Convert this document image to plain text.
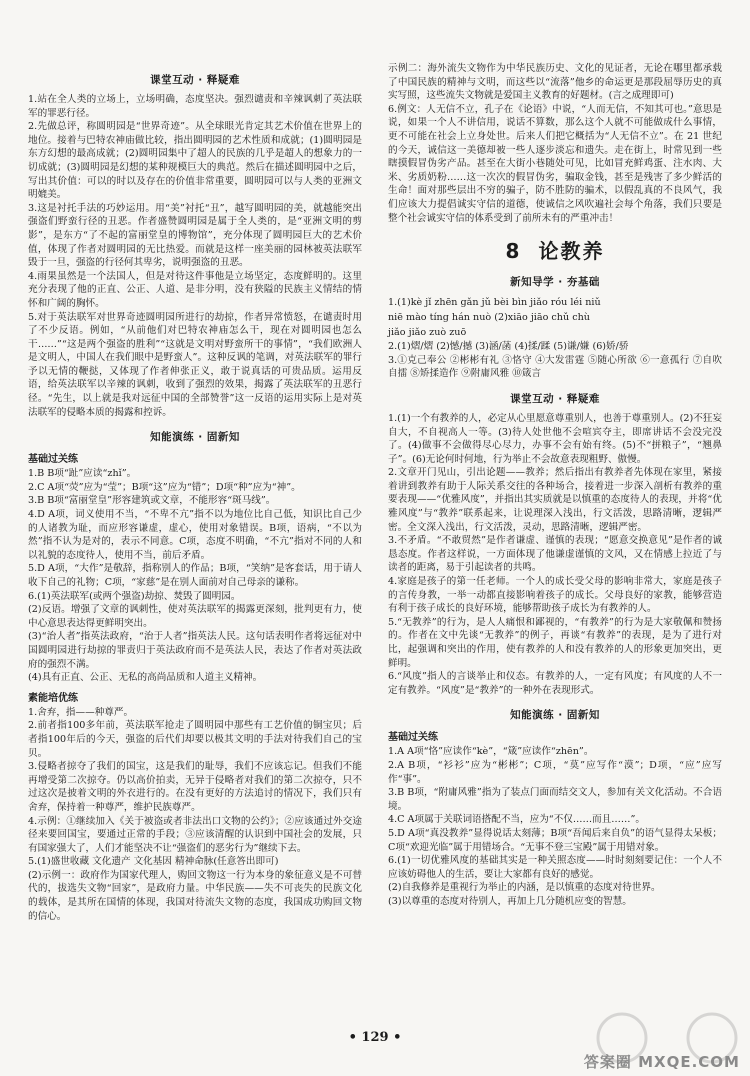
课堂互动 · 释疑难

1.站在全人类的立场上，立场明确，态度坚决。强烈谴责和辛辣讽刺了英法联军的罪恶行径。

2.先做总评，称圆明园是“世界奇迹”。从全球眼光肯定其艺术价值在世界上的地位。接着与巴特农神庙做比较，指出圆明园的艺术性质和成就；(1)圆明园是东方幻想的最高成就；(2)圆明园集中了超人的民族的几乎是超人的想象力的一切成就；(3)圆明园是幻想的某种规模巨大的典范。然后在描述圆明园中之后，写出其价值：可以的时以及存在的价值非常重要，圆明园可以与人类的亚洲文明媲美。

3.这是衬托手法的巧妙运用。用“美”衬托“丑”，越写圆明园的美，就越能突出强盗们野蛮行径的丑恶。作者盛赞圆明园是属于全人类的，是“亚洲文明的剪影”，是东方“了不起的富丽堂皇的博物馆”，充分体现了圆明园巨大的艺术价值，体现了作者对圆明园的无比热爱。而就是这样一座美丽的园林被英法联军毁于一旦，强盗的行径何其卑劣，说明强盗的丑恶。

4.雨果虽然是一个法国人，但是对待这件事他是立场坚定，态度鲜明的。这里充分表现了他的正直、公正、人道、是非分明，没有狭隘的民族主义情结的情怀和广阔的胸怀。

5.对于英法联军对世界奇迹圆明园所进行的劫掠，作者异常愤怒，在谴责时用了不少反语。例如，“从前他们对巴特农神庙怎么干，现在对圆明园也怎么干……”“这是两个强盗的胜利”“这就是文明对野蛮所干的事情”，“我们欧洲人是文明人，中国人在我们眼中是野蛮人”。这种反讽的笔调，对英法联军的罪行予以无情的鞭挞，又体现了作者伸张正义，敢于说真话的可贵品质。运用反语，给英法联军以辛辣的讽刺，收到了强烈的效果，揭露了英法联军的丑恶行径。“先生，以上就是我对远征中国的全部赞誉”这一反语的运用实际上是对英法联军的侵略本质的揭露和控诉。

知能演练 · 固新知
基础过关练

1.B B项“趾”应读“zhǐ”。

2.C A项“荧”应为“莹”；B项“这”应为“错”；D项“种”应为“神”。

3.B B项“富丽堂皇”形容建筑或文章，不能形容“斑马线”。

4.D A项，词义使用不当，“不卑不亢”指不以为地位比自己低，知识比自己少的人诸教为耻，而应形容谦虚，虚心，使用对象错误。B项，语病，“不以为然”指不认为是对的，表示不同意。C项，态度不明确，“不亢”指对不同的人和以礼貌的态度待人，使用不当，前后矛盾。

5.D A项，“大作”是敬辞，指称别人的作品；B项，“笑纳”是客套话，用于请人收下自己的礼物；C项，“家慈”是在别人面前对自己母亲的谦称。

6.(1)英法联军(或两个强盗)劫掠、焚毁了圆明园。

(2)反语。增强了文章的讽刺性，使对英法联军的揭露更深刻，批判更有力，使中心意思表达得更鲜明突出。

(3)“治人者”指英法政府，“治于人者”指英法人民。这句话表明作者将远征对中国圆明园进行劫掠的罪责归于英法政府而不是英法人民，表达了作者对英法政府的强烈不满。

(4)具有正直、公正、无私的高尚品质和人道主义精神。

素能培优练

1.舍弃，指——种尊严。

2.前者指100多年前，英法联军抢走了圆明园中那些有工艺价值的铜宝贝；后者指100年后的今天，强盗的后代们却要以极其文明的手法对待我们自己的宝贝。

3.侵略者掠夺了我们的国宝，这是我们的耻辱，我们不应该忘记。但我们不能再增受第二次掠夺。仍以高价拍卖，无异于侵略者对我们的第二次掠夺，只不过这次是披着文明的外衣进行的。在没有更好的方法追讨的情况下，我们只有舍弃，保持着一种尊严，维护民族尊严。

4.示例：①继续加入《关于被盗或者非法出口文物的公约》；②应该通过外交途径来要回国宝，要通过正常的手段；③应该清醒的认识到中国社会的发展，只有国家强大了，人们才能坚决不让“强盗们的恶劣行为”继续下去。

5.(1)盛世收藏 文化遗产 文化基因 精神命脉(任意答出即可)

(2)示例一：政府作为国家代理人，购回文物这一行为本身的象征意义是不可替代的，拔选失文物“回家”，是政府力量。中华民族——失不可丧失的民族文化的载体，是其所在国情的体现，我国对待流失文物的态度，我国成功购回文物的信心。

示例二：海外流失文物作为中华民族历史、文化的见证者，无论在哪里都承载了中国民族的精神与文明，而这些以“流落”他乡的命运更是那段屈辱历史的真实写照，这些流失文物就是爱国主义教育的好题材。(言之成理即可)

6.例文：人无信不立，孔子在《论语》中说，“人而无信，不知其可也。”意思是说，如果一个人不讲信用，说话不算数，那么这个人就不可能做成什么事情，更不可能在社会上立身处世。后来人们把它概括为“人无信不立”。在 21 世纪的今天，诚信这一美德却被一些人逐步淡忘和遗失。走在街上，时常见到一些瞎摸假冒伪劣产品。甚至在大街小巷随处可见，比如冒充鲜鸡蛋、注水肉、大米、劣质奶粉……这一次次的假冒伪劣，骗取金钱，甚至是残害了多少鲜活的生命！面对那些层出不穷的骗子，防不胜防的骗术，以假乱真的不良风气，我们应该大力提倡诚实守信的道德，使诚信之风吹遍社会每个角落，我们只要是整个社会诚实守信的体系受到了前所未有的严重冲击！

8 论教养
新知导学 · 夯基础

1.(1)kè jǐ zhēn gǎn jǔ bèi bìn jiǎo róu léi niǔ

niē mào tíng hán nuò (2)xiāo jiāo chǔ chù

jiǎo jiǎo zuò zuō

2.(1)熠/熠 (2)憾/撼 (3)涵/菡 (4)揉/蹂 (5)谦/嫌 (6)娇/骄

3.①克己奉公 ②彬彬有礼 ③恪守 ④大发雷霆 ⑤随心所欲 ⑥一意孤行 ⑦自吹自擂 ⑧矫揉造作 ⑨附庸风雅 ⑩箴言

课堂互动 · 释疑难

1.(1)一个有教养的人，必定从心里愿意尊重别人，也善于尊重别人。(2)不狂妄自大，不自视高人一等。(3)待人处世他不会喧宾夺主，即席讲话不会没完没了。(4)做事不会做得尽心尽力，办事不会有始有终。(5)不“拼粮子”，“翘鼻子”。(6)无论何时何地，行为举止不会故意表现粗野、傲慢。

2.文章开门见山，引出论题——教养；然后指出有教养者先体现在家里，紧接着讲到教养有助于人际关系交往的各种场合，接着进一步深入剖析有教养的重要表现——“优雅风度”，并指出其实质就是以慎重的态度待人的表现，并将“优雅风度”与“教养”联系起来，让说理深入浅出，行文活泼，思路清晰，逻辑严密。全文深入浅出，行文活泼，灵动，思路清晰，逻辑严密。

3.不矛盾。“不敢贸然”是作者谦虚、谨慎的表现；“愿意交换意见”是作者的诚恳态度。作者这样说，一方面体现了他谦虚谨慎的文风，又在情感上拉近了与读者的距离，易于引起读者的共鸣。

4.家庭是孩子的第一任老师。一个人的成长受父母的影响非常大，家庭是孩子的言传身教，一举一动都直接影响着孩子的成长。父母良好的家教，能够营造有利于孩子成长的良好环境，能够帮助孩子成长为有教养的人。

5.“无教养”的行为，是人人痛恨和鄙视的，“有教养”的行为是大家敬佩和赞扬的。作者在文中先谈“无教养”的例子，再谈“有教养”的表现，是为了进行对比，起强调和突出的作用，使有教养的人和没有教养的人的形象更加突出，更鲜明。

6.“风度”指人的言谈举止和仪态。有教养的人，一定有风度；有风度的人不一定有教养。“风度”是“教养”的一种外在表现形式。

知能演练 · 固新知
基础过关练

1.A A项“恪”应读作“kè”，“箴”应读作“zhēn”。

2.A B项，“衫衫”应为“彬彬”；C项，“莫”应写作“漠”；D项，“应”应写作“事”。

3.B B项，“附庸风雅”指为了装点门面而结交文人，参加有关文化活动。不合语境。

4.C A项属于关联词语搭配不当，应为“不仅……而且……”。

5.D A项“真没教养”显得说话太刻薄；B项“吾闻后来自负”的语气显得太呆板；C项“欢迎光临”属于用错场合。“无事不登三宝殿”属于用错对象。

6.(1)一切优雅风度的基础其实是一种关照态度——时时刻刻要记住：一个人不应该妨碍他人的生活，要让大家都有良好的感觉。

(2)自我修养是重视行为举止的内涵，是以慎重的态度对待世界。

(3)以尊重的态度对待别人，再加上几分随机应变的智慧。

• 129 •
答案圈 MXQE.COM
